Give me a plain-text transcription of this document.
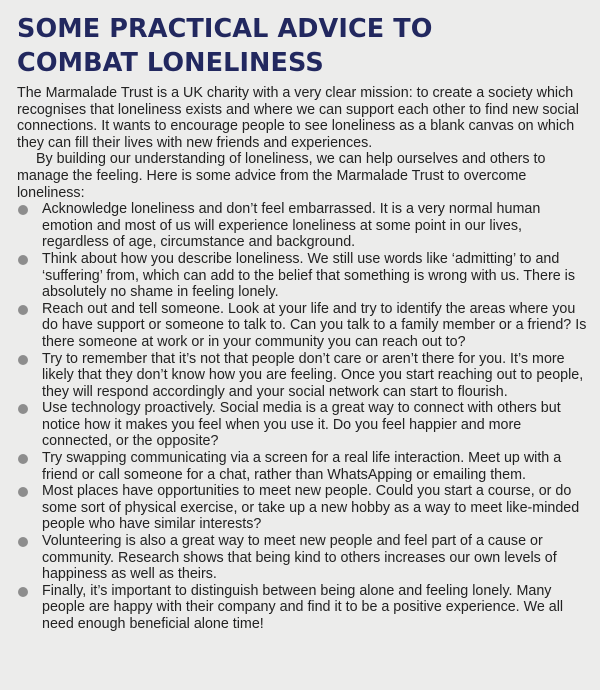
SOME PRACTICAL ADVICE TO COMBAT LONELINESS

The Marmalade Trust is a UK charity with a very clear mission: to create a society which recognises that loneliness exists and where we can support each other to find new social connections. It wants to encourage people to see loneliness as a blank canvas on which they can fill their lives with new friends and experiences.

By building our understanding of loneliness, we can help ourselves and others to manage the feeling. Here is some advice from the Marmalade Trust to overcome loneliness:

Acknowledge loneliness and don’t feel embarrassed. It is a very normal human emotion and most of us will experience loneliness at some point in our lives, regardless of age, circumstance and background.
Think about how you describe loneliness. We still use words like ‘admitting’ to and ‘suffering’ from, which can add to the belief that something is wrong with us. There is absolutely no shame in feeling lonely.
Reach out and tell someone. Look at your life and try to identify the areas where you do have support or someone to talk to. Can you talk to a family member or a friend? Is there someone at work or in your community you can reach out to?
Try to remember that it’s not that people don’t care or aren’t there for you. It’s more likely that they don’t know how you are feeling. Once you start reaching out to people, they will respond accordingly and your social network can start to flourish.
Use technology proactively. Social media is a great way to connect with others but notice how it makes you feel when you use it. Do you feel happier and more connected, or the opposite?
Try swapping communicating via a screen for a real life interaction. Meet up with a friend or call someone for a chat, rather than WhatsApping or emailing them.
Most places have opportunities to meet new people. Could you start a course, or do some sort of physical exercise, or take up a new hobby as a way to meet like-minded people who have similar interests?
Volunteering is also a great way to meet new people and feel part of a cause or community. Research shows that being kind to others increases our own levels of happiness as well as theirs.
Finally, it’s important to distinguish between being alone and feeling lonely. Many people are happy with their company and find it to be a positive experience. We all need enough beneficial alone time!
